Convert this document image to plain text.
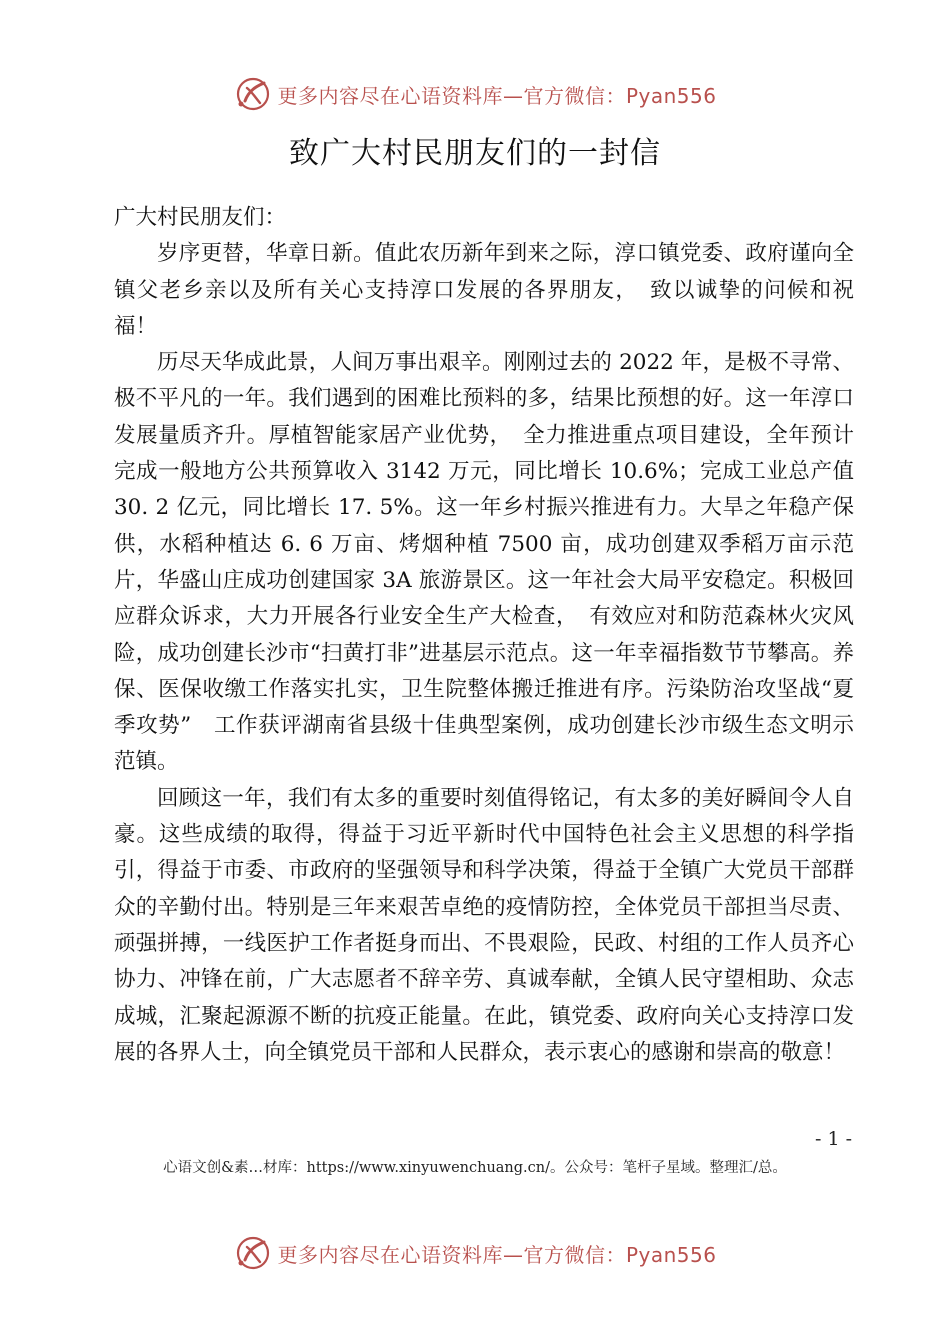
更多内容尽在心语资料库—官方微信：Pyan556
致广大村民朋友们的一封信

广大村民朋友们：

岁序更替，华章日新。值此农历新年到来之际，淳口镇党委、政府谨向全镇父老乡亲以及所有关心支持淳口发展的各界朋友，　致以诚挚的问候和祝福！

历尽天华成此景，人间万事出艰辛。刚刚过去的 2022 年，是极不寻常、极不平凡的一年。我们遇到的困难比预料的多，结果比预想的好。这一年淳口发展量质齐升。厚植智能家居产业优势，　全力推进重点项目建设，全年预计完成一般地方公共预算收入 3142 万元，同比增长 10.6%；完成工业总产值 30. 2 亿元，同比增长 17. 5%。这一年乡村振兴推进有力。大旱之年稳产保供，水稻种植达 6. 6 万亩、烤烟种植 7500 亩，成功创建双季稻万亩示范片，华盛山庄成功创建国家 3A 旅游景区。这一年社会大局平安稳定。积极回应群众诉求，大力开展各行业安全生产大检查，　有效应对和防范森林火灾风险，成功创建长沙市“扫黄打非”进基层示范点。这一年幸福指数节节攀高。养保、医保收缴工作落实扎实，卫生院整体搬迁推进有序。污染防治攻坚战“夏季攻势”　工作获评湖南省县级十佳典型案例，成功创建长沙市级生态文明示范镇。

回顾这一年，我们有太多的重要时刻值得铭记，有太多的美好瞬间令人自豪。这些成绩的取得，得益于习近平新时代中国特色社会主义思想的科学指引，得益于市委、市政府的坚强领导和科学决策，得益于全镇广大党员干部群众的辛勤付出。特别是三年来艰苦卓绝的疫情防控，全体党员干部担当尽责、顽强拼搏，一线医护工作者挺身而出、不畏艰险，民政、村组的工作人员齐心协力、冲锋在前，广大志愿者不辞辛劳、真诚奉献，全镇人民守望相助、众志成城，汇聚起源源不断的抗疫正能量。在此，镇党委、政府向关心支持淳口发展的各界人士，向全镇党员干部和人民群众，表示衷心的感谢和崇高的敬意！

- 1 -
心语文创&素…材库：https://www.xinyuwenchuang.cn/。公众号：笔杆子星域。整理汇/总。
更多内容尽在心语资料库—官方微信：Pyan556
